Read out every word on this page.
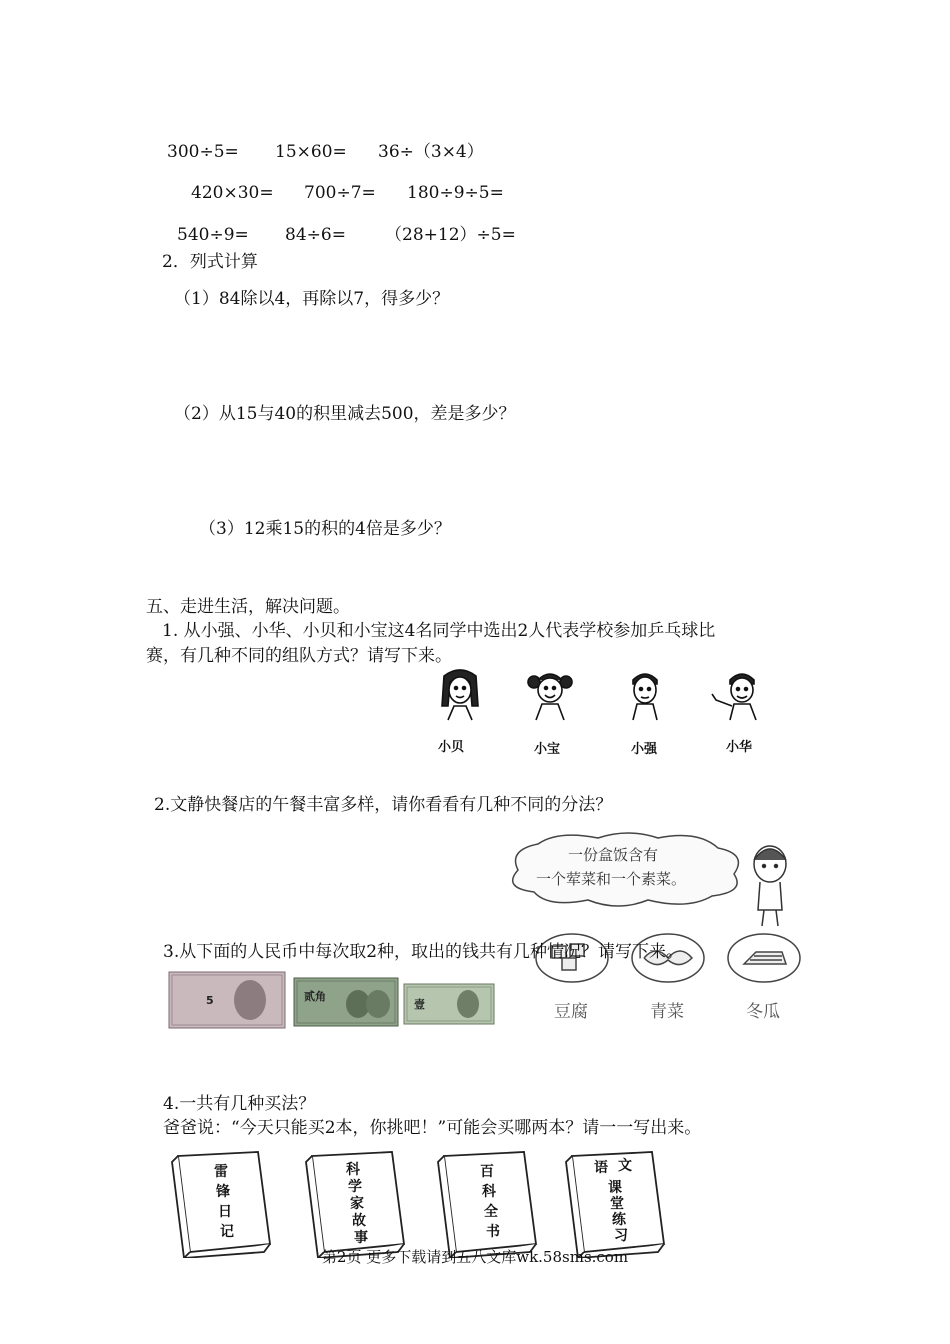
300÷5= 15×60= 36÷（3×4）
420×30= 700÷7= 180÷9÷5=
540÷9= 84÷6= （28+12）÷5=
2．列式计算
（1）84除以4，再除以7，得多少？
（2）从15与40的积里减去500，差是多少？
（3）12乘15的积的4倍是多少？
五、走进生活，解决问题。
1. 从小强、小华、小贝和小宝这4名同学中选出2人代表学校参加乒乓球比
赛，有几种不同的组队方式？请写下来。
小贝	小宝	小强	小华
2.文静快餐店的午餐丰富多样，请你看看有几种不同的分法？
一份盒饭含有
一个荤菜和一个素菜。
豆腐	青菜	冬瓜
3.从下面的人民币中每次取2种，取出的钱共有几种情况？请写下来。
5	贰角
壹
4.一共有几种买法？
爸爸说：“今天只能买2本，你挑吧！”可能会买哪两本？请一一写出来。
雷
锋
日
记
科
学
家
故
事
百
科
全
书
语 文
课
堂
练
习
第2页 更多下载请到五八文库wk.58sms.com
